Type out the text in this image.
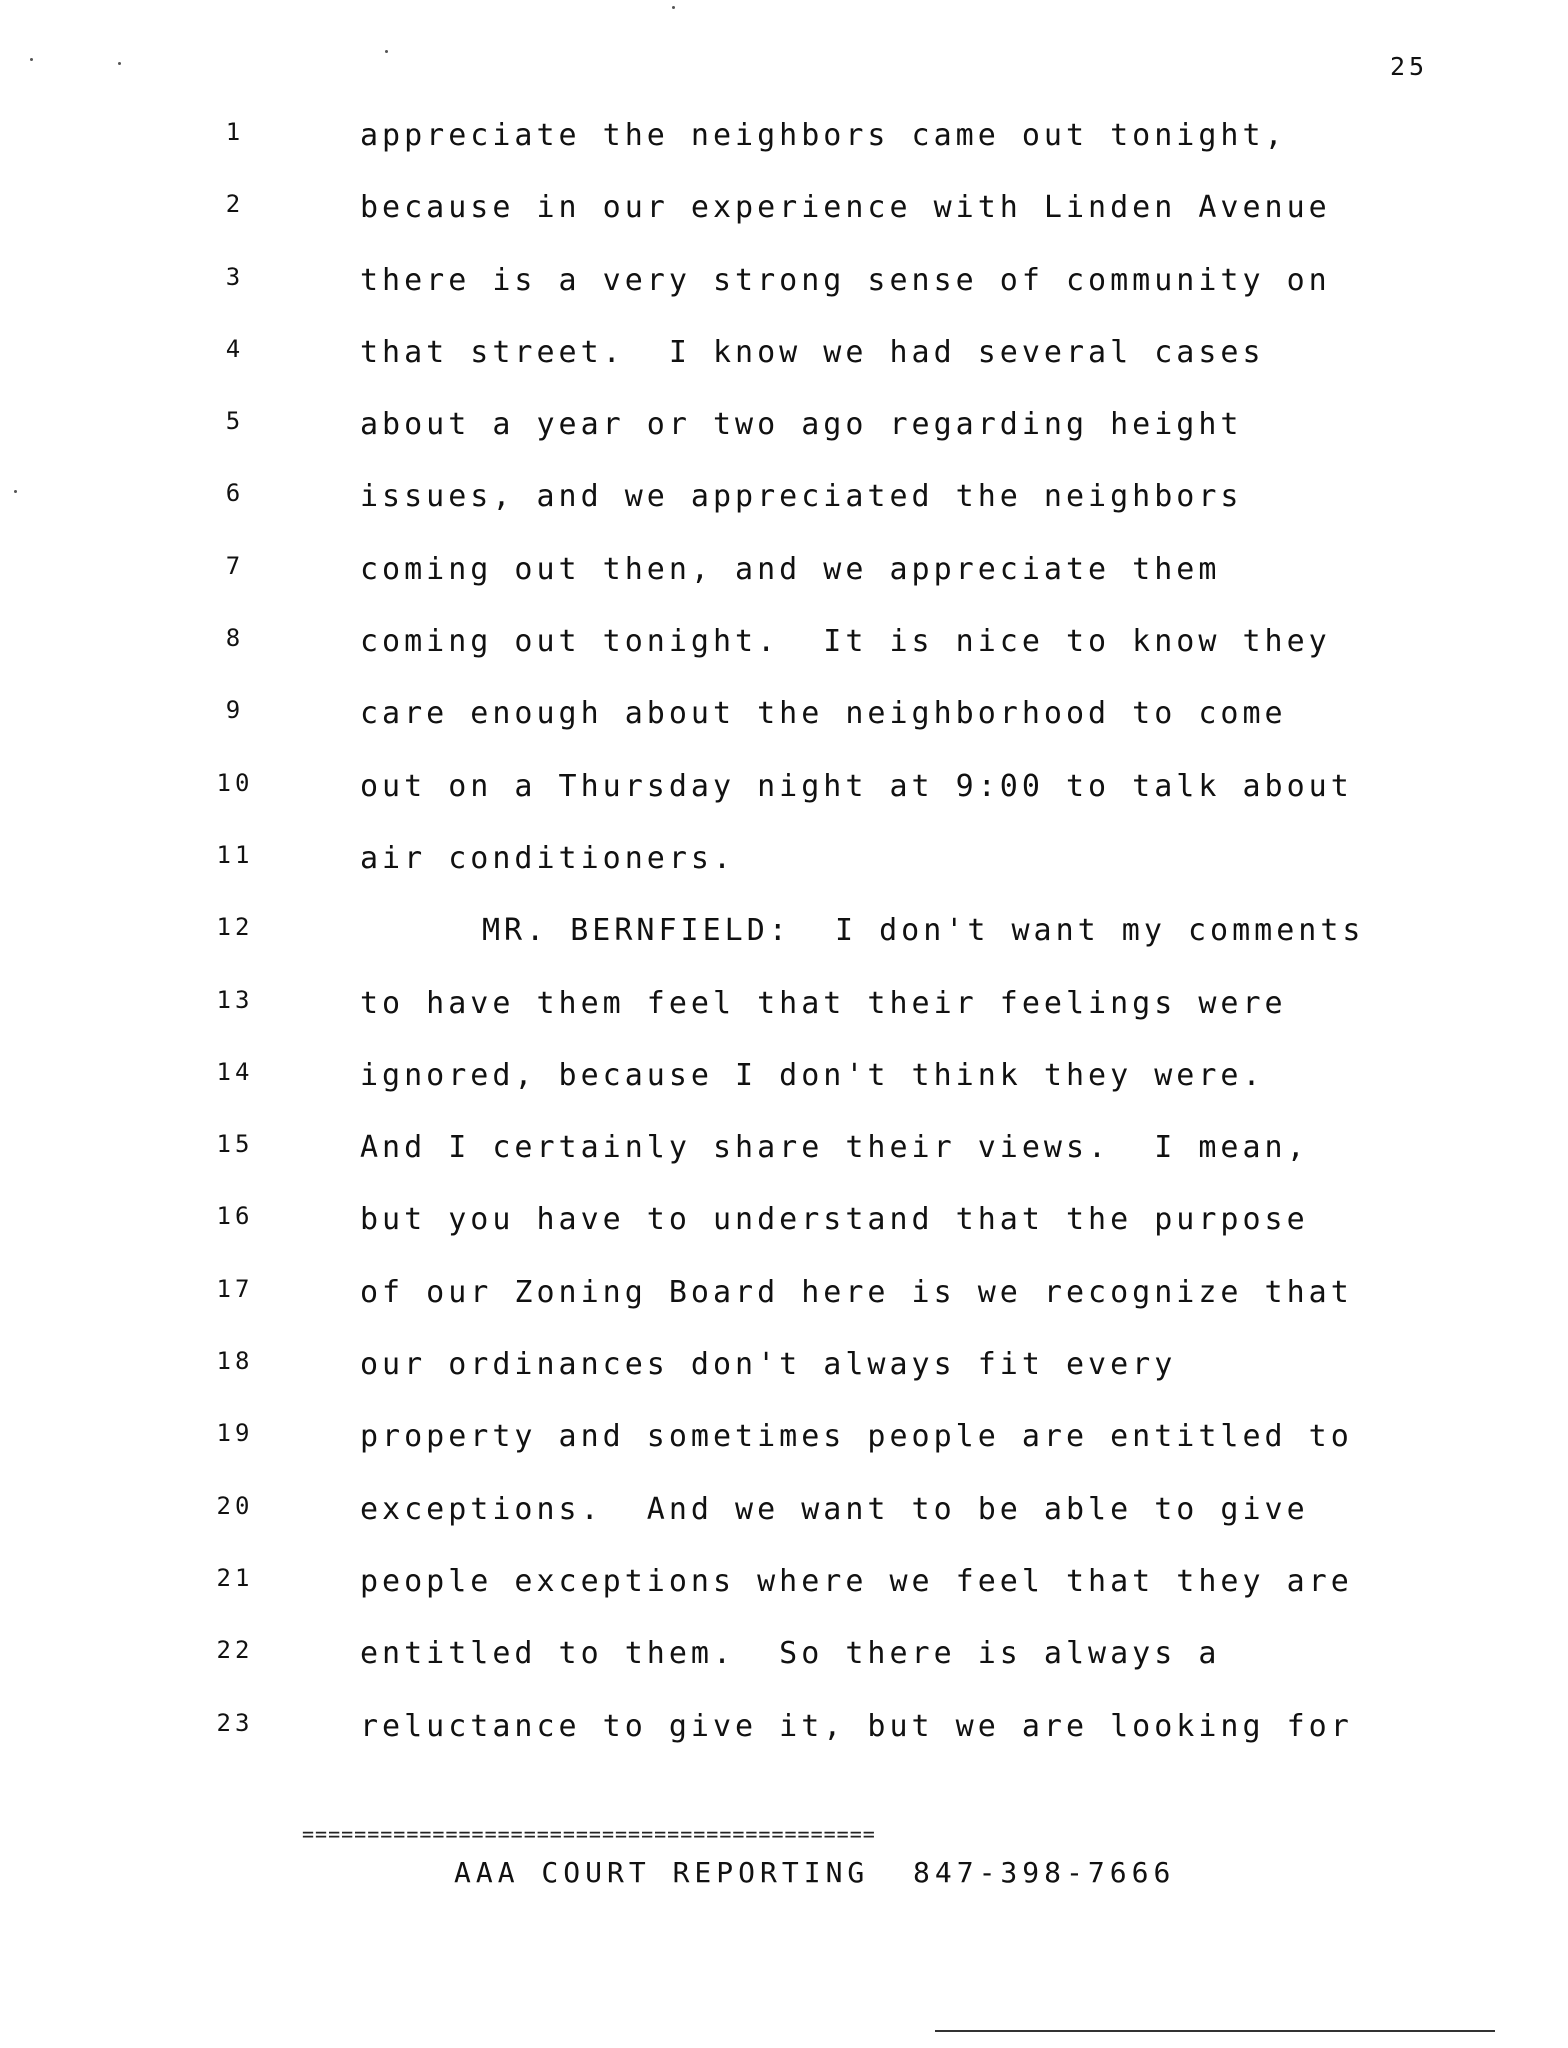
25
1	appreciate the neighbors came out tonight,
2	because in our experience with Linden Avenue
3	there is a very strong sense of community on
4	that street.  I know we had several cases
5	about a year or two ago regarding height
6	issues, and we appreciated the neighbors
7	coming out then, and we appreciate them
8	coming out tonight.  It is nice to know they
9	care enough about the neighborhood to come
10	out on a Thursday night at 9:00 to talk about
11	air conditioners.
12	MR. BERNFIELD:  I don't want my comments
13	to have them feel that their feelings were
14	ignored, because I don't think they were.
15	And I certainly share their views.  I mean,
16	but you have to understand that the purpose
17	of our Zoning Board here is we recognize that
18	our ordinances don't always fit every
19	property and sometimes people are entitled to
20	exceptions.  And we want to be able to give
21	people exceptions where we feel that they are
22	entitled to them.  So there is always a
23	reluctance to give it, but we are looking for
============================================
AAA COURT REPORTING  847-398-7666
